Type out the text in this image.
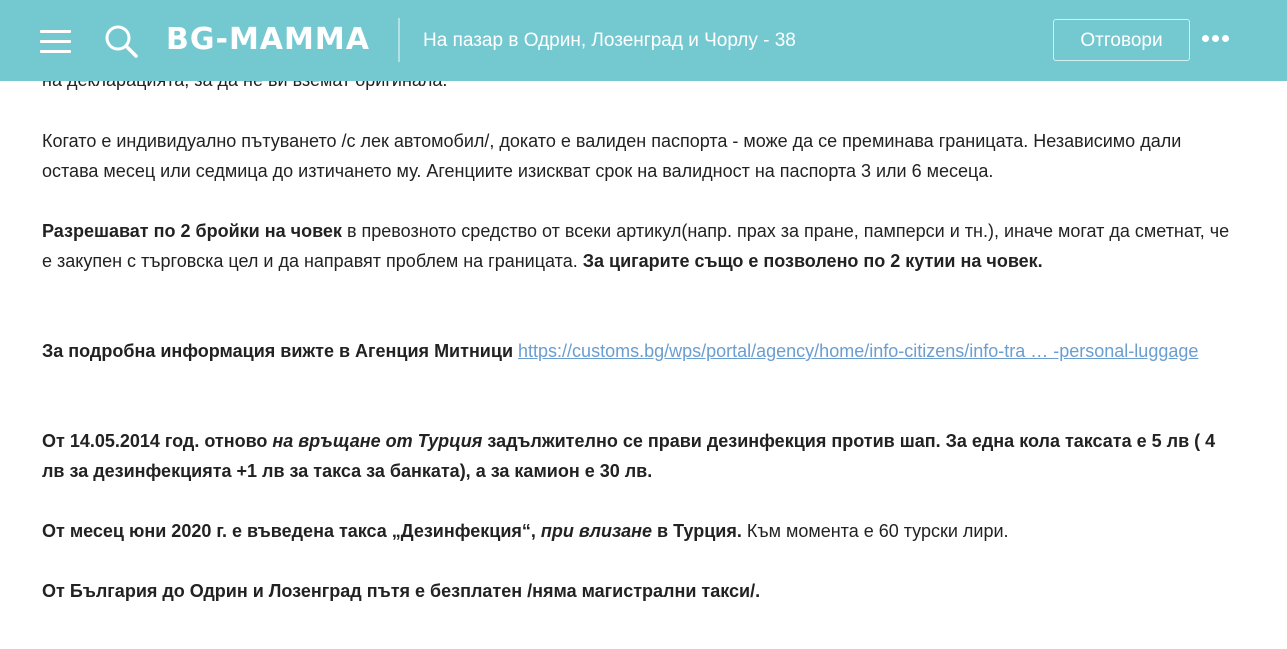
Когато е индивидуално пътуването /с лек автомобил/, докато е валиден паспорта - може да се преминава границата. Независимо дали остава месец или седмица до изтичането му. Агенциите изискват срок на валидност на паспорта 3 или 6 месеца.

Разрешават по 2 бройки на човек в превозното средство от всеки артикул(напр. прах за пране, памперси и тн.), иначе могат да сметнат, че е закупен с търговска цел и да направят проблем на границата. За цигарите също е позволено по 2 кутии на човек.

За подробна информация вижте в Агенция Митници https://customs.bg/wps/portal/agency/home/info-citizens/info-tra … -personal-luggage

От 14.05.2014 год. отново на връщане от Турция задължително се прави дезинфекция против шап. За една кола таксата е 5 лв ( 4 лв за дезинфекцията +1 лв за такса за банката), а за камион е 30 лв.

От месец юни 2020 г. е въведена такса „Дезинфекция“, при влизане в Турция. Към момента е 60 турски лири.

От България до Одрин и Лозенград пътя е безплатен /няма магистрални такси/.

BG-MAMMA	На пазар в Одрин, Лозенград и Чорлу - 38	Отговори
